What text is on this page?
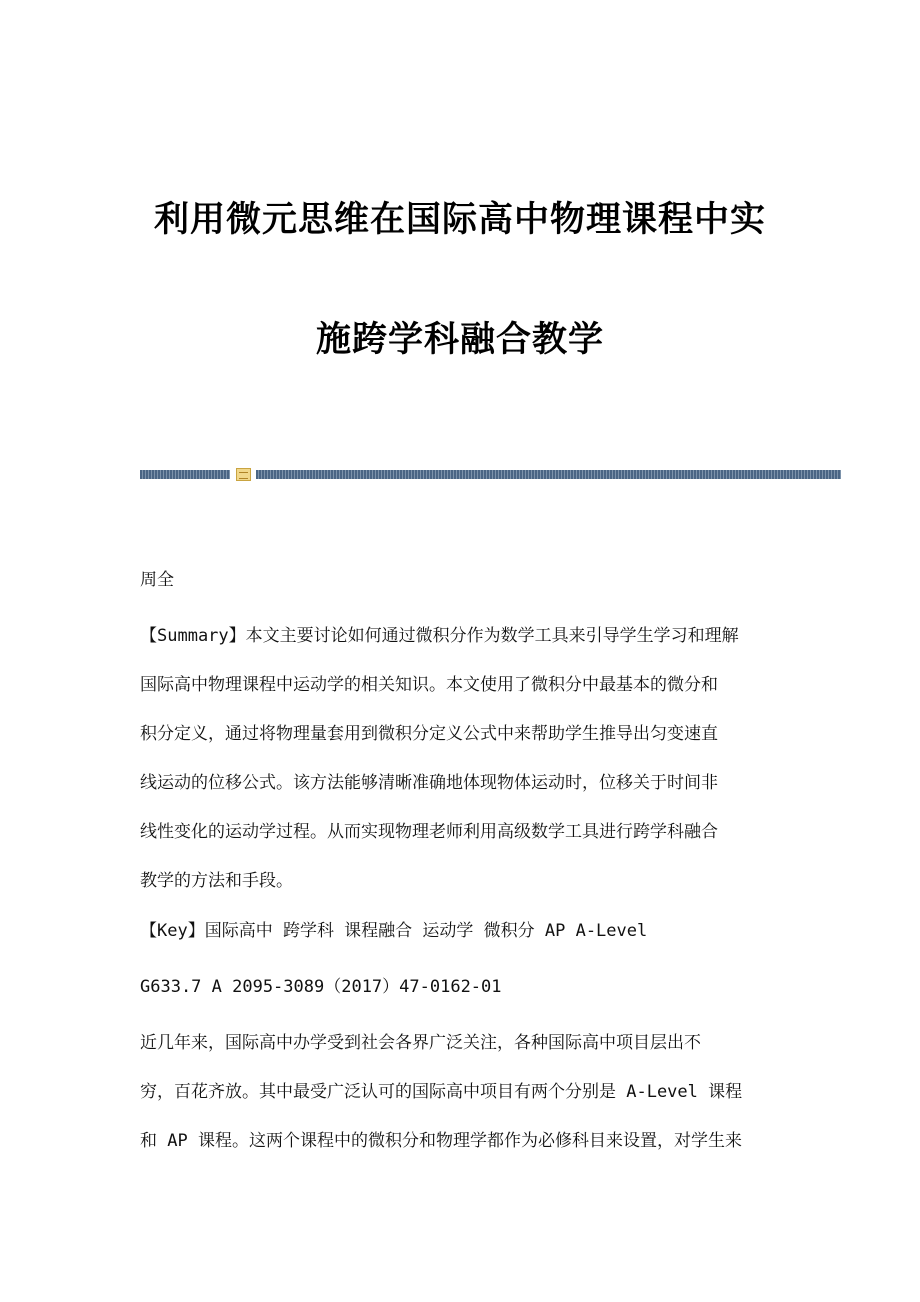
利用微元思维在国际高中物理课程中实
施跨学科融合教学
周全
【Summary】本文主要讨论如何通过微积分作为数学工具来引导学生学习和理解
国际高中物理课程中运动学的相关知识。本文使用了微积分中最基本的微分和
积分定义，通过将物理量套用到微积分定义公式中来帮助学生推导出匀变速直
线运动的位移公式。该方法能够清晰准确地体现物体运动时，位移关于时间非
线性变化的运动学过程。从而实现物理老师利用高级数学工具进行跨学科融合
教学的方法和手段。
【Key】国际高中 跨学科 课程融合 运动学 微积分 AP A-Level
G633.7 A 2095-3089（2017）47-0162-01
近几年来，国际高中办学受到社会各界广泛关注，各种国际高中项目层出不
穷，百花齐放。其中最受广泛认可的国际高中项目有两个分别是 A-Level 课程
和 AP 课程。这两个课程中的微积分和物理学都作为必修科目来设置，对学生来
